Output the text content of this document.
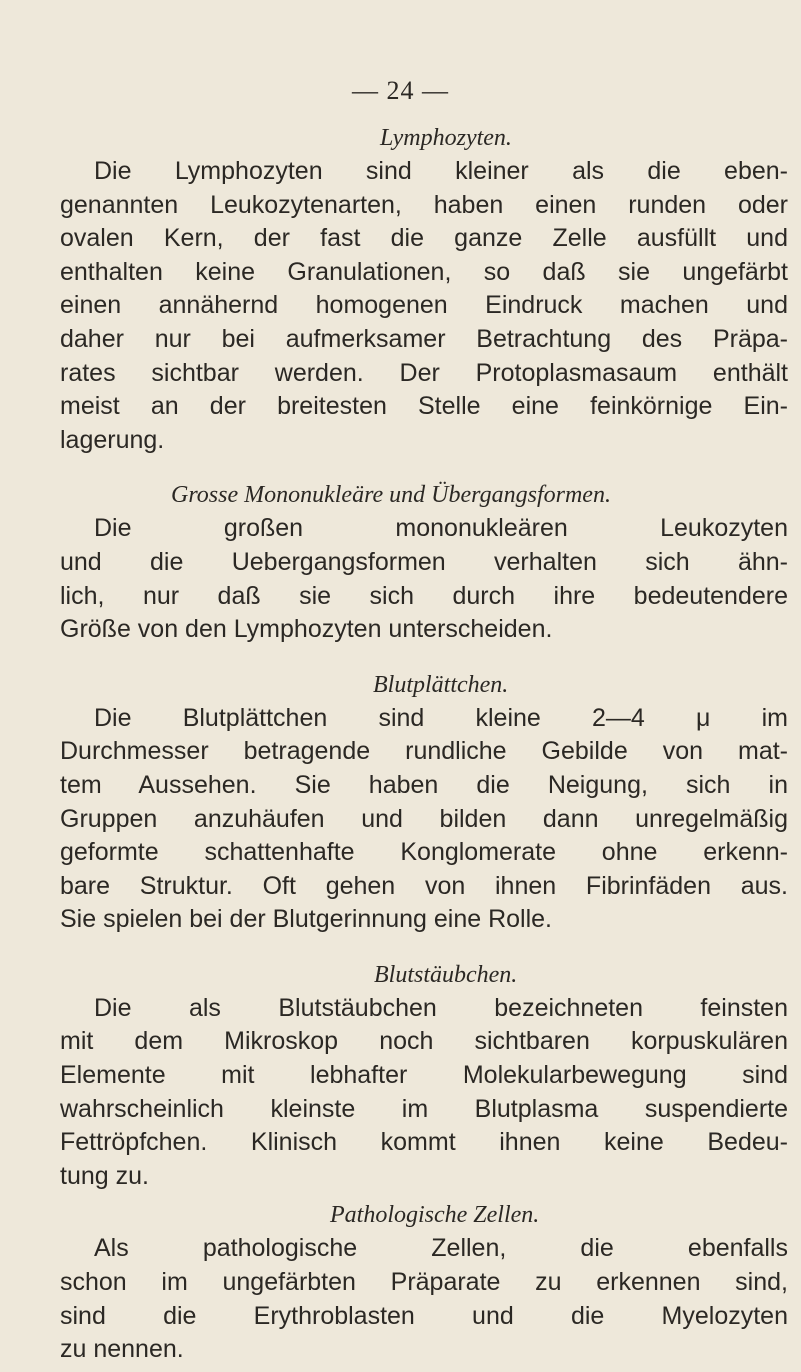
— 24 —

Lymphozyten.

Die Lymphozyten sind kleiner als die eben-
genannten Leukozytenarten, haben einen runden oder
ovalen Kern, der fast die ganze Zelle ausfüllt und
enthalten keine Granulationen, so daß sie ungefärbt
einen annähernd homogenen Eindruck machen und
daher nur bei aufmerksamer Betrachtung des Präpa-
rates sichtbar werden. Der Protoplasmasaum enthält
meist an der breitesten Stelle eine feinkörnige Ein-
lagerung.

Grosse Mononukleäre und Übergangsformen.

Die großen mononukleären Leukozyten
und die Uebergangsformen verhalten sich ähn-
lich, nur daß sie sich durch ihre bedeutendere
Größe von den Lymphozyten unterscheiden.

Blutplättchen.

Die Blutplättchen sind kleine 2—4 μ im
Durchmesser betragende rundliche Gebilde von mat-
tem Aussehen. Sie haben die Neigung, sich in
Gruppen anzuhäufen und bilden dann unregelmäßig
geformte schattenhafte Konglomerate ohne erkenn-
bare Struktur. Oft gehen von ihnen Fibrinfäden aus.
Sie spielen bei der Blutgerinnung eine Rolle.

Blutstäubchen.

Die als Blutstäubchen bezeichneten feinsten
mit dem Mikroskop noch sichtbaren korpuskulären
Elemente mit lebhafter Molekularbewegung sind
wahrscheinlich kleinste im Blutplasma suspendierte
Fettröpfchen. Klinisch kommt ihnen keine Bedeu-
tung zu.

Pathologische Zellen.

Als pathologische Zellen, die ebenfalls
schon im ungefärbten Präparate zu erkennen sind,
sind die Erythroblasten und die Myelozyten
zu nennen.
